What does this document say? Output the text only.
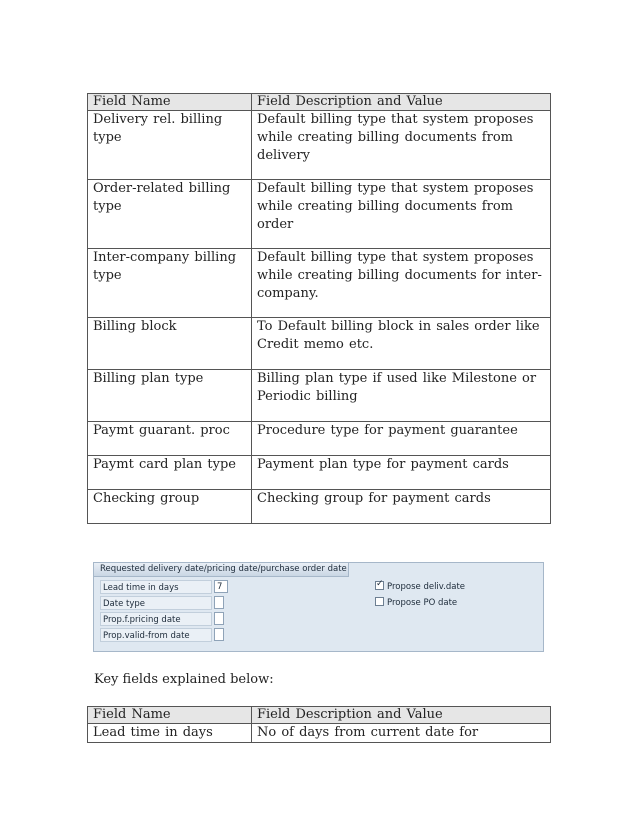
Field Name	Field Description and Value
Delivery rel. billing type	Default billing type that system proposes while creating billing documents from delivery
Order-related billing type	Default billing type that system proposes while creating billing documents from order
Inter-company billing type	Default billing type that system proposes while creating billing documents for inter-company.
Billing block	To Default billing block in sales order like Credit memo etc.
Billing plan type	Billing plan type if used like Milestone or Periodic billing
Paymt guarant. proc	Procedure type for payment guarantee
Paymt card plan type	Payment plan type for payment cards
Checking group	Checking group for payment cards
Requested delivery date/pricing date/purchase order date
Lead time in days	7
Date type
Prop.f.pricing date
Prop.valid-from date
✓ Propose deliv.date
Propose PO date
Key fields explained below:
Field Name	Field Description and Value
Lead time in days	No of days from current date for
